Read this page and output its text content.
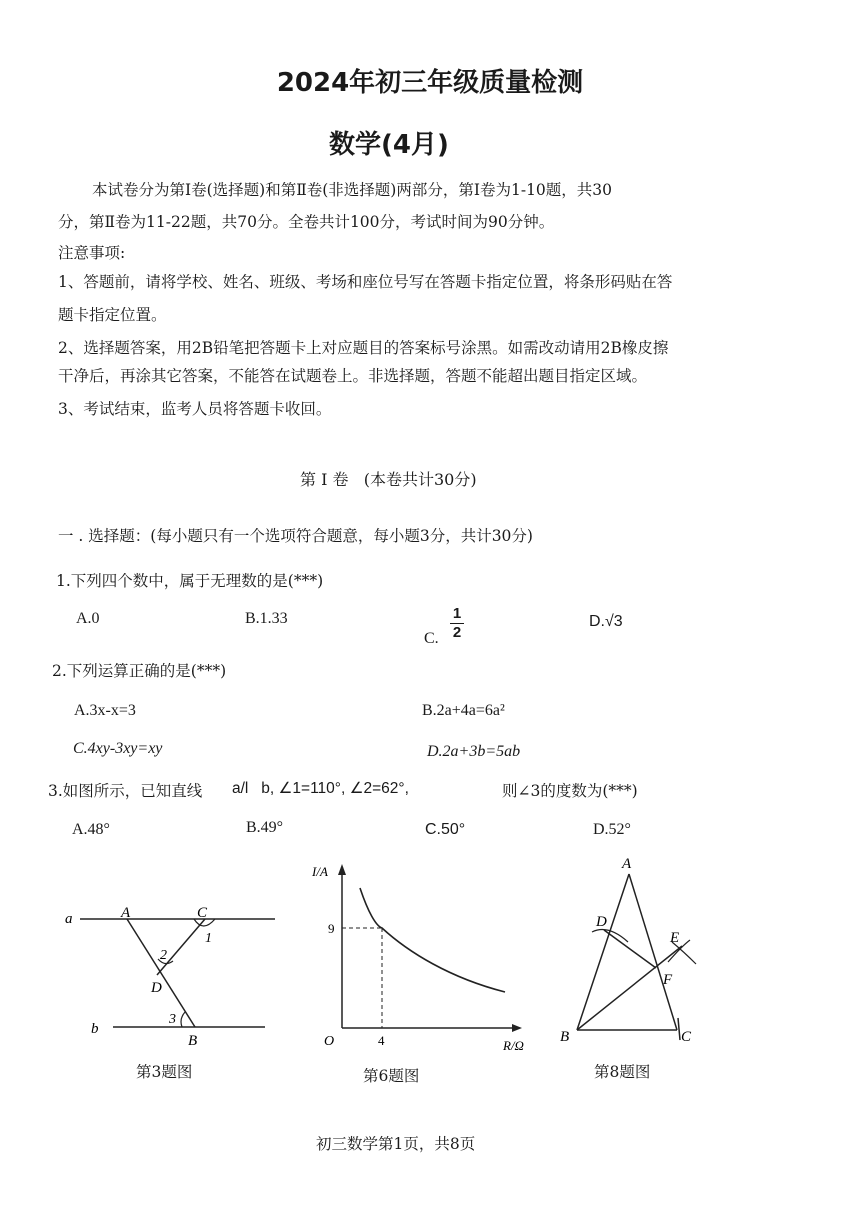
2024年初三年级质量检测
数学(4月)
本试卷分为第Ⅰ卷(选择题)和第Ⅱ卷(非选择题)两部分，第Ⅰ卷为1-10题，共30
分，第Ⅱ卷为11-22题，共70分。全卷共计100分，考试时间为90分钟。
注意事项:
1、答题前，请将学校、姓名、班级、考场和座位号写在答题卡指定位置，将条形码贴在答
题卡指定位置。
2、选择题答案，用2B铅笔把答题卡上对应题目的答案标号涂黑。如需改动请用2B橡皮擦
干净后，再涂其它答案，不能答在试题卷上。非选择题，答题不能超出题目指定区域。
3、考试结束，监考人员将答题卡收回。
第 Ⅰ 卷   (本卷共计30分)
一 . 选择题：(每小题只有一个选项符合题意，每小题3分，共计30分)
1.下列四个数中，属于无理数的是(***)
A.0	B.1.33
C.
1
2
D.√3
2.下列运算正确的是(***)
A.3x-x=3	B.2a+4a=6a²
C.4xy-3xy=xy	D.2a+3b=5ab
3.如图所示，已知直线 a/l   b, ∠1=110°, ∠2=62°,	则∠3的度数为(***)
A.48°	B.49°	C.50°	D.52°
a
b
A	C
D
B
1
2
3
第3题图
I/A
R/Ω
O
9
4
第6题图
A
B	C
D
E
F
第8题图
初三数学第1页，共8页
